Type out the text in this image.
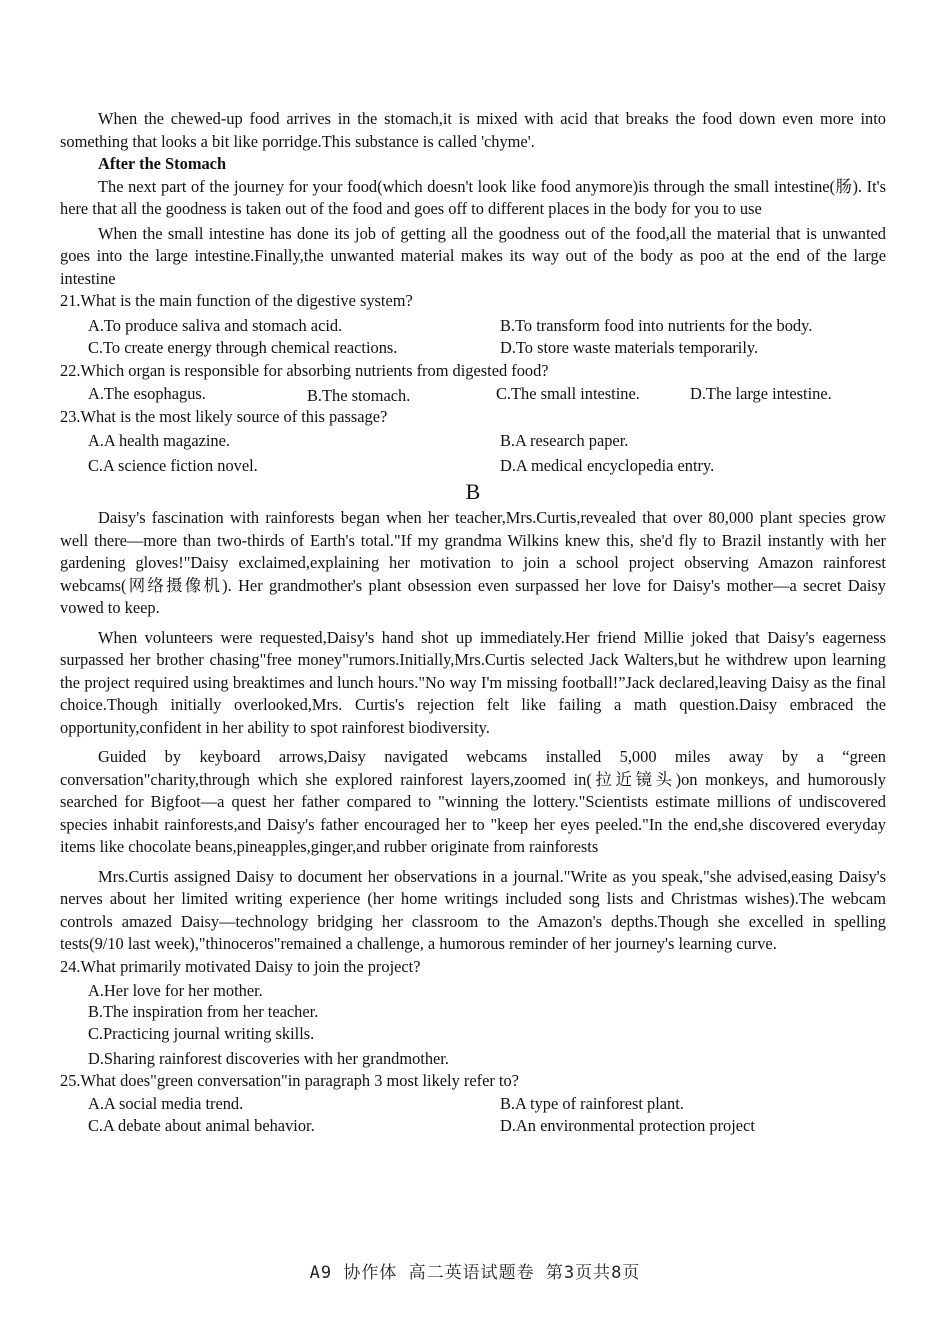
When the chewed-up food arrives in the stomach,it is mixed with acid that breaks the food down even more into something that looks a bit like porridge.This substance is called 'chyme'.

After the Stomach

The next part of the journey for your food(which doesn't look like food anymore)is through the small intestine(肠). It's here that all the goodness is taken out of the food and goes off to different places in the body for you to use

When the small intestine has done its job of getting all the goodness out of the food,all the material that is unwanted goes into the large intestine.Finally,the unwanted material makes its way out of the body as poo at the end of the large intestine

21.What is the main function of the digestive system?

A.To produce saliva and stomach acid.	B.To transform food into nutrients for the body.
C.To create energy through chemical reactions.	D.To store waste materials temporarily.

22.Which organ is responsible for absorbing nutrients from digested food?

A.The esophagus.	B.The stomach.	C.The small intestine.	D.The large intestine.

23.What is the most likely source of this passage?

A.A health magazine.	B.A research paper.
C.A science fiction novel.	D.A medical encyclopedia entry.

B

Daisy's fascination with rainforests began when her teacher,Mrs.Curtis,revealed that over 80,000 plant species grow well there—more than two-thirds of Earth's total."If my grandma Wilkins knew this, she'd fly to Brazil instantly with her gardening gloves!"Daisy exclaimed,explaining her motivation to join a school project observing Amazon rainforest webcams(网络摄像机). Her grandmother's plant obsession even surpassed her love for Daisy's mother—a secret Daisy vowed to keep.

When volunteers were requested,Daisy's hand shot up immediately.Her friend Millie joked that Daisy's eagerness surpassed her brother chasing"free money"rumors.Initially,Mrs.Curtis selected Jack Walters,but he withdrew upon learning the project required using breaktimes and lunch hours."No way I'm missing football!”Jack declared,leaving Daisy as the final choice.Though initially overlooked,Mrs. Curtis's rejection felt like failing a math question.Daisy embraced the opportunity,confident in her ability to spot rainforest biodiversity.

Guided by keyboard arrows,Daisy navigated webcams installed 5,000 miles away by a “green conversation"charity,through which she explored rainforest layers,zoomed in(拉近镜头)on monkeys, and humorously searched for Bigfoot—a quest her father compared to "winning the lottery."Scientists estimate millions of undiscovered species inhabit rainforests,and Daisy's father encouraged her to "keep her eyes peeled."In the end,she discovered everyday items like chocolate beans,pineapples,ginger,and rubber originate from rainforests

Mrs.Curtis assigned Daisy to document her observations in a journal."Write as you speak,"she advised,easing Daisy's nerves about her limited writing experience (her home writings included song lists and Christmas wishes).The webcam controls amazed Daisy—technology bridging her classroom to the Amazon's depths.Though she excelled in spelling tests(9/10 last week),"thinoceros"remained a challenge, a humorous reminder of her journey's learning curve.

24.What primarily motivated Daisy to join the project?

A.Her love for her mother.
B.The inspiration from her teacher.
C.Practicing journal writing skills.
D.Sharing rainforest discoveries with her grandmother.

25.What does"green conversation"in paragraph 3 most likely refer to?

A.A social media trend.	B.A type of rainforest plant.
C.A debate about animal behavior.	D.An environmental protection project
A9 协作体 高二英语试题卷 第3页共8页
